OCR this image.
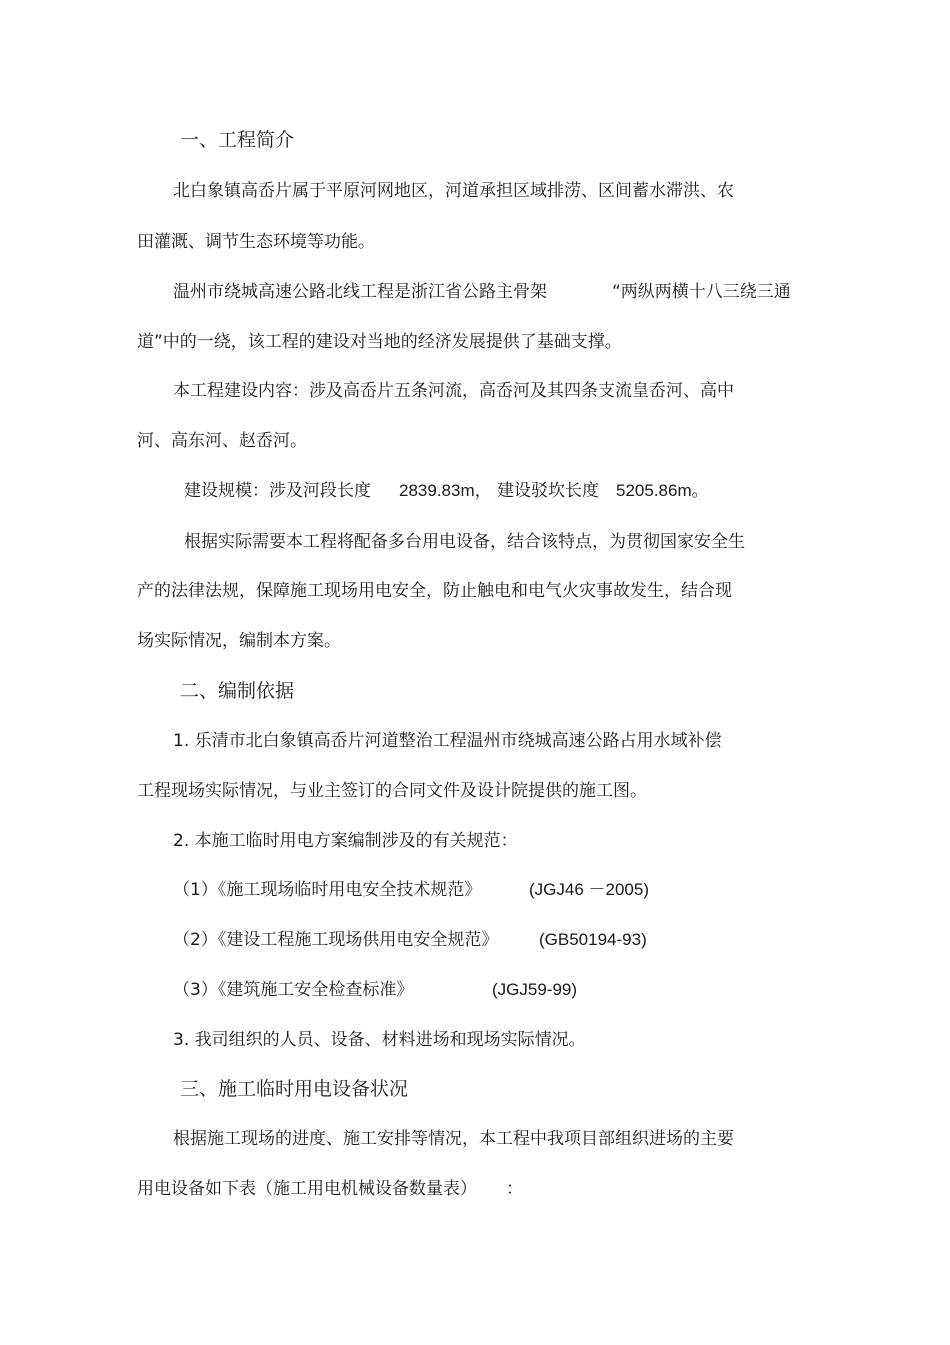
一、工程简介
北白象镇高岙片属于平原河网地区，河道承担区域排涝、区间蓄水滞洪、农
田灌溉、调节生态环境等功能。
温州市绕城高速公路北线工程是浙江省公路主骨架	“两纵两横十八三绕三通
道”中的一绕，该工程的建设对当地的经济发展提供了基础支撑。
本工程建设内容：涉及高岙片五条河流，高岙河及其四条支流皇岙河、高中
河、高东河、赵岙河。
建设规模：涉及河段长度 2839.83m， 建设驳坎长度 5205.86m。
根据实际需要本工程将配备多台用电设备，结合该特点，为贯彻国家安全生
产的法律法规，保障施工现场用电安全，防止触电和电气火灾事故发生，结合现
场实际情况，编制本方案。
二、编制依据
1. 乐清市北白象镇高岙片河道整治工程温州市绕城高速公路占用水域补偿
工程现场实际情况，与业主签订的合同文件及设计院提供的施工图。
2. 本施工临时用电方案编制涉及的有关规范：
（1）《施工现场临时用电安全技术规范》	(JGJ46 －2005)
（2）《建设工程施工现场供用电安全规范》 (GB50194-93)
（3）《建筑施工安全检查标准》	(JGJ59-99)
3. 我司组织的人员、设备、材料进场和现场实际情况。
三、施工临时用电设备状况
根据施工现场的进度、施工安排等情况，本工程中我项目部组织进场的主要
用电设备如下表（施工用电机械设备数量表） ：
